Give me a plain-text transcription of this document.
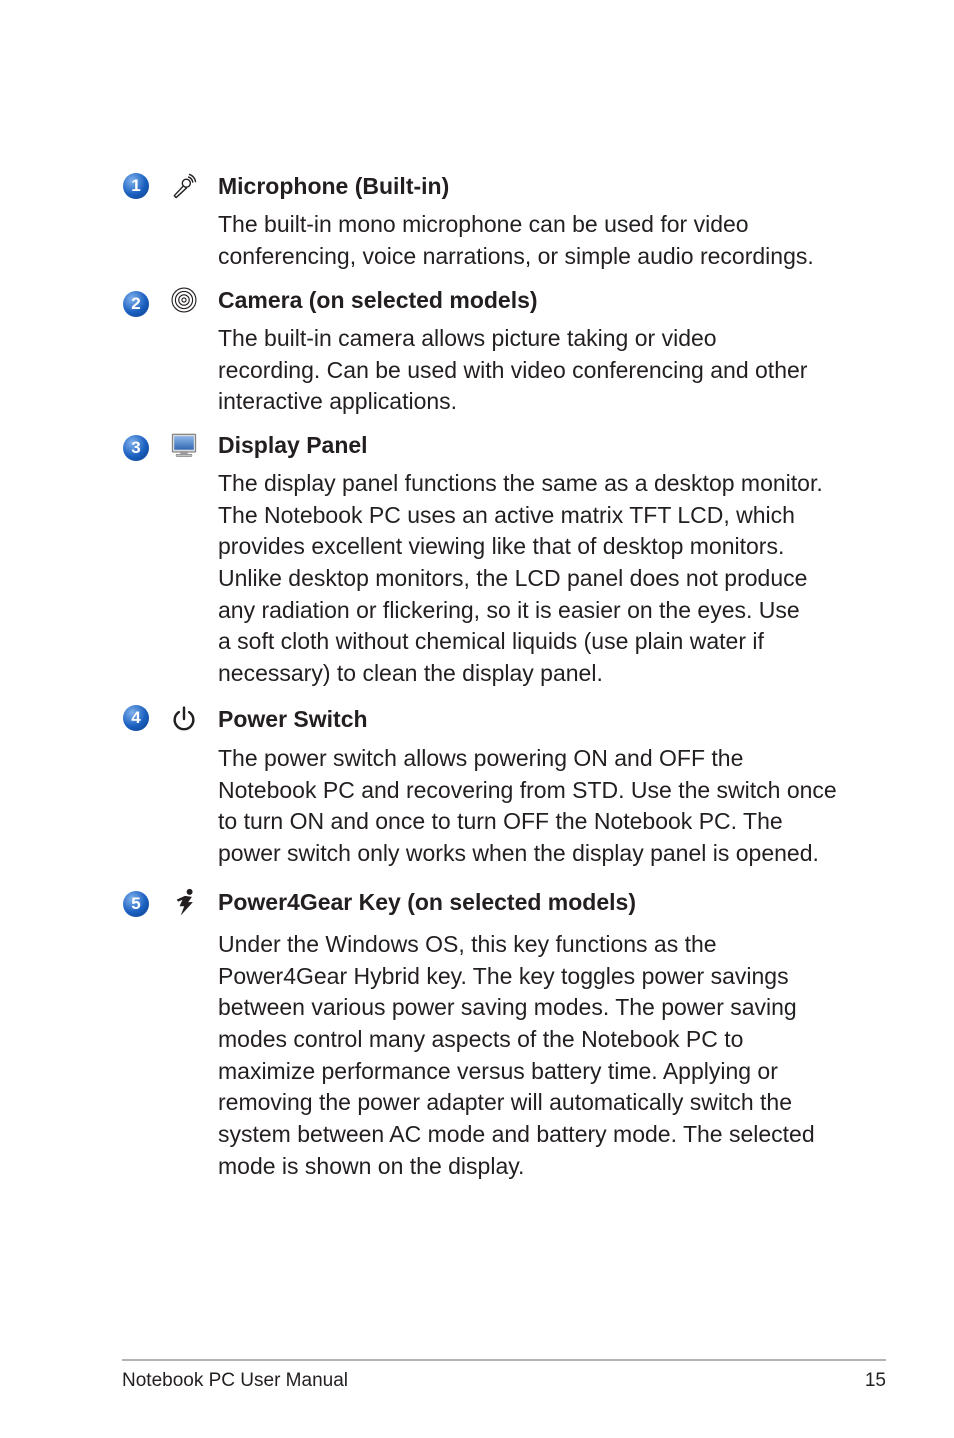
1	Microphone (Built-in)
The built-in mono microphone can be used for video
conferencing, voice narrations, or simple audio recordings.
2	Camera (on selected models)
The built-in camera allows picture taking or video
recording. Can be used with video conferencing and other
interactive applications.
3	Display Panel
The display panel functions the same as a desktop monitor.
The Notebook PC uses an active matrix TFT LCD, which
provides excellent viewing like that of desktop monitors.
Unlike desktop monitors, the LCD panel does not produce
any radiation or flickering, so it is easier on the eyes. Use
a soft cloth without chemical liquids (use plain water if
necessary) to clean the display panel.
4	Power Switch
The power switch allows powering ON and OFF the
Notebook PC and recovering from STD. Use the switch once
to turn ON and once to turn OFF the Notebook PC. The
power switch only works when the display panel is opened.
5	Power4Gear Key (on selected models)
Under the Windows OS, this key functions as the
Power4Gear Hybrid key. The key toggles power savings
between various power saving modes. The power saving
modes control many aspects of the Notebook PC to
maximize performance versus battery time. Applying or
removing the power adapter will automatically switch the
system between AC mode and battery mode. The selected
mode is shown on the display.
Notebook PC User Manual	15
